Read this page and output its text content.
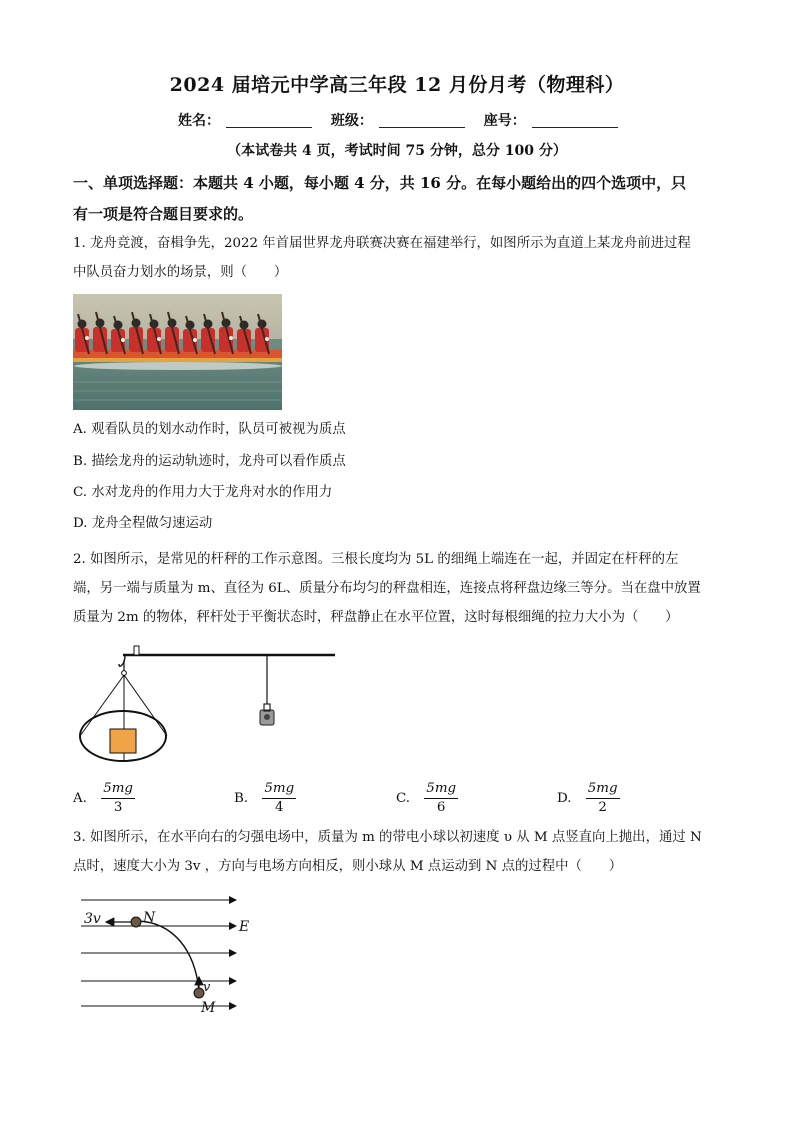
2024 届培元中学高三年段 12 月份月考（物理科）
姓名：	班级：	座号：
（本试卷共 4 页，考试时间 75 分钟，总分 100 分）
一、单项选择题：本题共 4 小题，每小题 4 分，共 16 分。在每小题给出的四个选项中，只
有一项是符合题目要求的。
1. 龙舟竞渡，奋楫争先，2022 年首届世界龙舟联赛决赛在福建举行，如图所示为直道上某龙舟前进过程
中队员奋力划水的场景，则（　　）
A. 观看队员的划水动作时，队员可被视为质点
B. 描绘龙舟的运动轨迹时，龙舟可以看作质点
C. 水对龙舟的作用力大于龙舟对水的作用力
D. 龙舟全程做匀速运动
2. 如图所示，是常见的杆秤的工作示意图。三根长度均为 5L 的细绳上端连在一起，并固定在杆秤的左
端，另一端与质量为 m、直径为 6L、质量分布均匀的秤盘相连，连接点将秤盘边缘三等分。当在盘中放置
质量为 2m 的物体，秤杆处于平衡状态时，秤盘静止在水平位置，这时每根细绳的拉力大小为（　　）
A. $\frac{5mg}{3}$	B. $\frac{5mg}{4}$	C. $\frac{5mg}{6}$	D. $\frac{5mg}{2}$
3. 如图所示，在水平向右的匀强电场中，质量为 m 的带电小球以初速度 υ 从 M 点竖直向上抛出，通过 N
点时，速度大小为 3v ，方向与电场方向相反，则小球从 M 点运动到 N 点的过程中（　　）
3v	N
E
v
M
